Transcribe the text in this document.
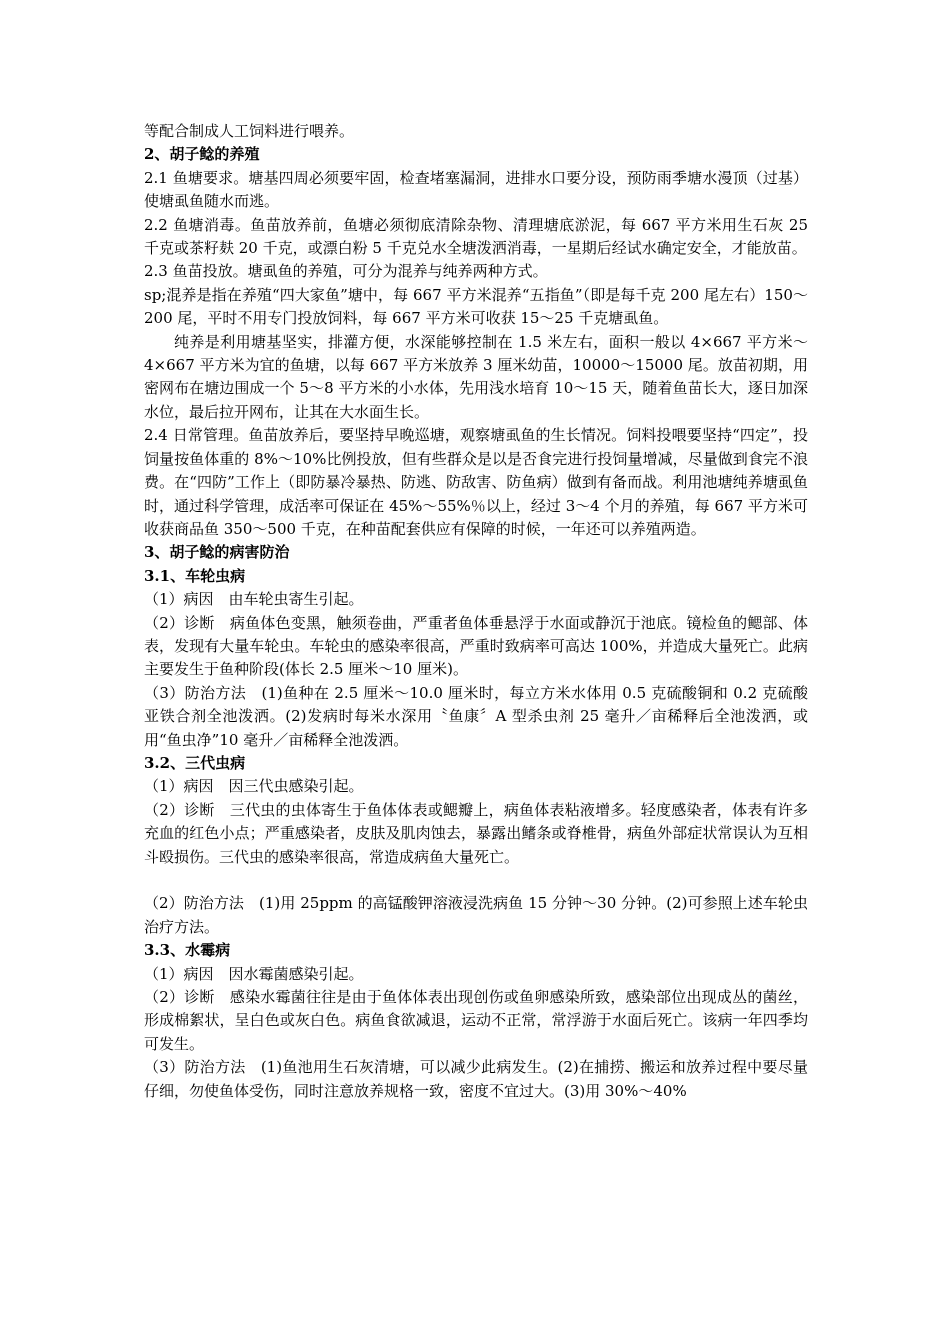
等配合制成人工饲料进行喂养。

2、胡子鲶的养殖

2.1 鱼塘要求。塘基四周必须要牢固，检查堵塞漏洞，进排水口要分设，预防雨季塘水漫顶（过基）使塘虱鱼随水而逃。

2.2 鱼塘消毒。鱼苗放养前，鱼塘必须彻底清除杂物、清理塘底淤泥，每 667 平方米用生石灰 25 千克或茶籽麸 20 千克，或漂白粉 5 千克兑水全塘泼洒消毒，一星期后经试水确定安全，才能放苗。

2.3 鱼苗投放。塘虱鱼的养殖，可分为混养与纯养两种方式。

sp;混养是指在养殖“四大家鱼”塘中，每 667 平方米混养“五指鱼”（即是每千克 200 尾左右）150～200 尾，平时不用专门投放饲料，每 667 平方米可收获 15～25 千克塘虱鱼。

纯养是利用塘基坚实，排灌方便，水深能够控制在 1.5 米左右，面积一般以 4×667 平方米～4×667 平方米为宜的鱼塘，以每 667 平方米放养 3 厘米幼苗，10000～15000 尾。放苗初期，用密网布在塘边围成一个 5～8 平方米的小水体，先用浅水培育 10～15 天，随着鱼苗长大，逐日加深水位，最后拉开网布，让其在大水面生长。

2.4 日常管理。鱼苗放养后，要坚持早晚巡塘，观察塘虱鱼的生长情况。饲料投喂要坚持“四定”，投饲量按鱼体重的 8%～10%比例投放，但有些群众是以是否食完进行投饲量增减，尽量做到食完不浪费。在“四防”工作上（即防暴冷暴热、防逃、防敌害、防鱼病）做到有备而战。利用池塘纯养塘虱鱼时，通过科学管理，成活率可保证在 45%～55%％以上，经过 3～4 个月的养殖，每 667 平方米可收获商品鱼 350～500 千克，在种苗配套供应有保障的时候，一年还可以养殖两造。

3、胡子鲶的病害防治

3.1、车轮虫病

（1）病因　由车轮虫寄生引起。

（2）诊断　病鱼体色变黑，触须卷曲，严重者鱼体垂悬浮于水面或静沉于池底。镜检鱼的鳃部、体表，发现有大量车轮虫。车轮虫的感染率很高，严重时致病率可高达 100%，并造成大量死亡。此病主要发生于鱼种阶段(体长 2.5 厘米～10 厘米)。

（3）防治方法　(1)鱼种在 2.5 厘米～10.0 厘米时，每立方米水体用 0.5 克硫酸铜和 0.2 克硫酸亚铁合剂全池泼洒。(2)发病时每米水深用〝鱼康〞A 型杀虫剂 25 毫升／亩稀释后全池泼洒，或用“鱼虫净”10 毫升／亩稀释全池泼洒。

3.2、三代虫病

（1）病因　因三代虫感染引起。

（2）诊断　三代虫的虫体寄生于鱼体体表或鳃瓣上，病鱼体表粘液增多。轻度感染者，体表有许多充血的红色小点；严重感染者，皮肤及肌肉蚀去，暴露出鳍条或脊椎骨，病鱼外部症状常误认为互相斗殴损伤。三代虫的感染率很高，常造成病鱼大量死亡。

（2）防治方法　(1)用 25ppm 的高锰酸钾溶液浸洗病鱼 15 分钟～30 分钟。(2)可参照上述车轮虫治疗方法。

3.3、水霉病

（1）病因　因水霉菌感染引起。

（2）诊断　感染水霉菌往往是由于鱼体体表出现创伤或鱼卵感染所致，感染部位出现成丛的菌丝，形成棉絮状，呈白色或灰白色。病鱼食欲减退，运动不正常，常浮游于水面后死亡。该病一年四季均可发生。

（3）防治方法　(1)鱼池用生石灰清塘，可以减少此病发生。(2)在捕捞、搬运和放养过程中要尽量仔细，勿使鱼体受伤，同时注意放养规格一致，密度不宜过大。(3)用 30%～40%
